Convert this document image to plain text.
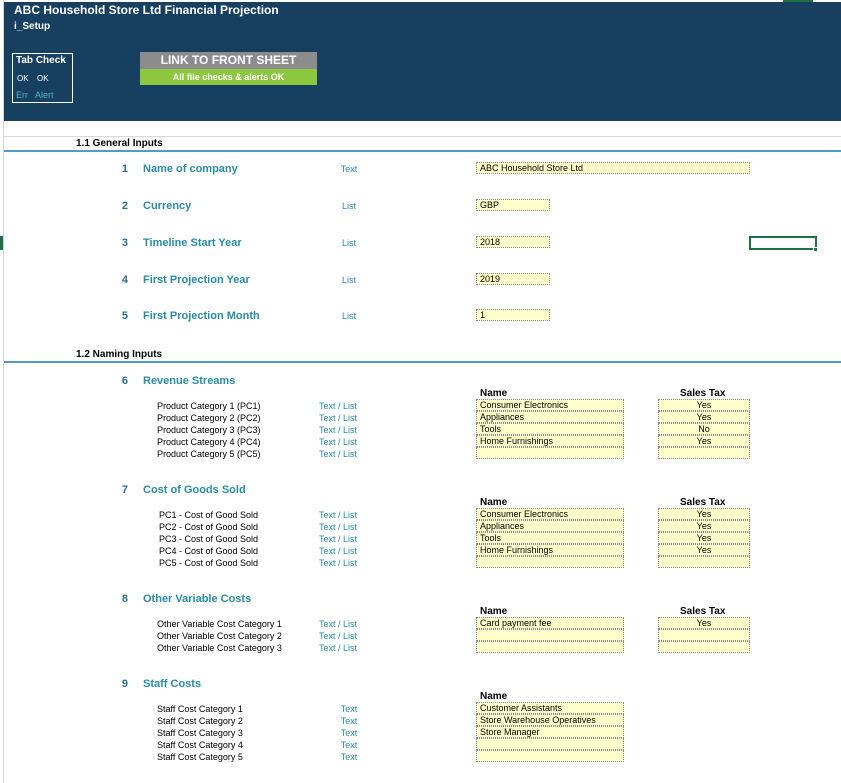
ABC Household Store Ltd Financial Projection
i_Setup
Tab Check
OK OK
Err Alert
LINK TO FRONT SHEET
All file checks & alerts OK
1.1 General Inputs
1 Name of company	Text	ABC Household Store Ltd
2 Currency	List	GBP
3 Timeline Start Year	List	2018
4 First Projection Year	List	2019
5 First Projection Month	List	1
1.2 Naming Inputs
6 Revenue Streams
Name	Sales Tax
Product Category 1 (PC1)	Text / List	Consumer Electronics	Yes
Product Category 2 (PC2)	Text / List	Appliances	Yes
Product Category 3 (PC3)	Text / List	Tools	No
Product Category 4 (PC4)	Text / List	Home Furnishings	Yes
Product Category 5 (PC5)	Text / List
7 Cost of Goods Sold
Name	Sales Tax
PC1 - Cost of Good Sold	Text / List	Consumer Electronics	Yes
PC2 - Cost of Good Sold	Text / List	Appliances	Yes
PC3 - Cost of Good Sold	Text / List	Tools	Yes
PC4 - Cost of Good Sold	Text / List	Home Furnishings	Yes
PC5 - Cost of Good Sold	Text / List
8 Other Variable Costs
Name	Sales Tax
Other Variable Cost Category 1	Text / List	Card payment fee	Yes
Other Variable Cost Category 2	Text / List
Other Variable Cost Category 3	Text / List
9 Staff Costs
Name
Staff Cost Category 1	Text	Customer Assistants
Staff Cost Category 2	Text	Store Warehouse Operatives
Staff Cost Category 3	Text	Store Manager
Staff Cost Category 4	Text
Staff Cost Category 5	Text
